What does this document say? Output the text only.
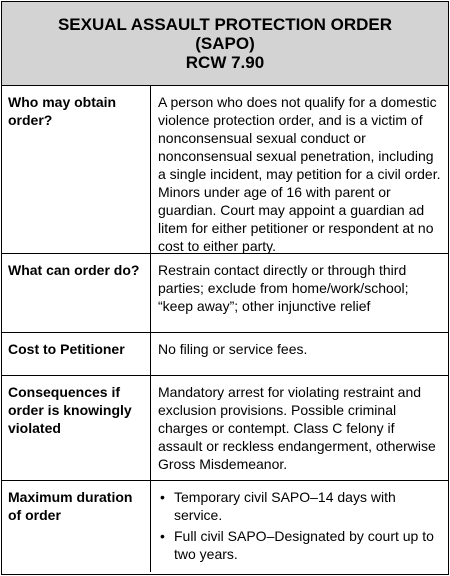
SEXUAL ASSAULT PROTECTION ORDER
(SAPO)
RCW 7.90
Who may obtain order?
A person who does not qualify for a domestic violence protection order, and is a victim of nonconsensual sexual conduct or nonconsensual sexual penetration, including a single incident, may petition for a civil order. Minors under age of 16 with parent or guardian. Court may appoint a guardian ad litem for either petitioner or respondent at no cost to either party.
What can order do?	Restrain contact directly or through third parties; exclude from home/work/school; “keep away”; other injunctive relief
Cost to Petitioner	No filing or service fees.
Consequences if order is knowingly violated
Mandatory arrest for violating restraint and exclusion provisions. Possible criminal charges or contempt. Class C felony if assault or reckless endangerment, otherwise Gross Misdemeanor.
Maximum duration of order
• Temporary civil SAPO–14 days with service.
• Full civil SAPO–Designated by court up to two years.
